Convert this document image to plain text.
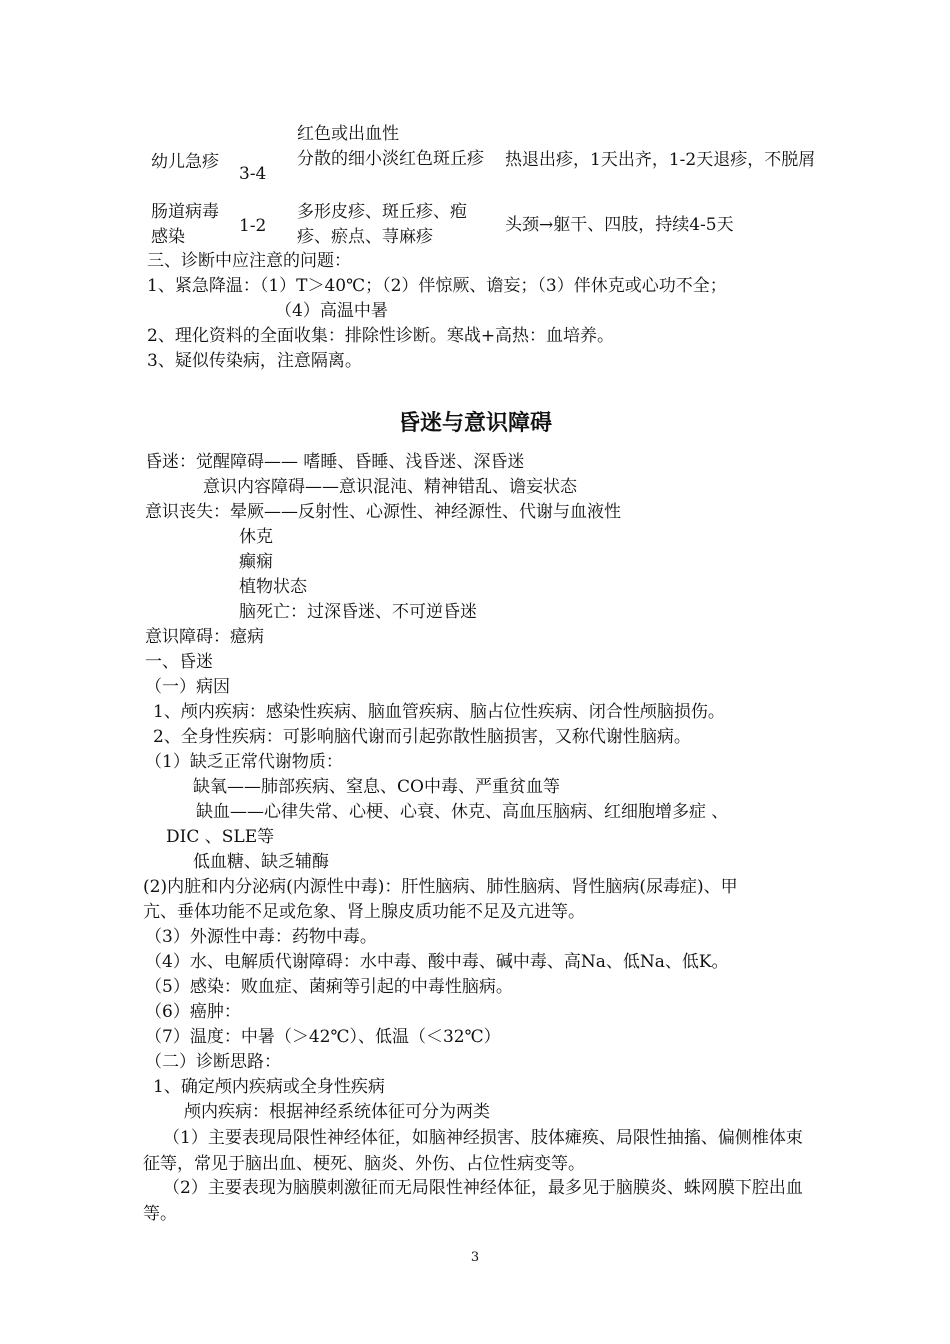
幼儿急疹
3-4
红色或出血性
分散的细小淡红色斑丘疹	热退出疹，1天出齐，1-2天退疹，不脱屑
肠道病毒感染
1-2
多形皮疹、斑丘疹、疱疹、瘀点、荨麻疹
头颈→躯干、四肢，持续4-5天
三、诊断中应注意的问题：
1、紧急降温：（1）T＞40℃；（2）伴惊厥、谵妄；（3）伴休克或心功不全；
（4）高温中暑
2、理化资料的全面收集：排除性诊断。寒战+高热：血培养。
3、疑似传染病，注意隔离。
昏迷与意识障碍
昏迷：觉醒障碍—— 嗜睡、昏睡、浅昏迷、深昏迷
意识内容障碍——意识混沌、精神错乱、谵妄状态
意识丧失：晕厥——反射性、心源性、神经源性、代谢与血液性
休克
癫痫
植物状态
脑死亡：过深昏迷、不可逆昏迷
意识障碍：癔病
一、昏迷
（一）病因
1、颅内疾病：感染性疾病、脑血管疾病、脑占位性疾病、闭合性颅脑损伤。
2、全身性疾病：可影响脑代谢而引起弥散性脑损害，又称代谢性脑病。
（1）缺乏正常代谢物质：
缺氧——肺部疾病、窒息、CO中毒、严重贫血等
缺血——心律失常、心梗、心衰、休克、高血压脑病、红细胞增多症 、
DIC 、SLE等
低血糖、缺乏辅酶
(2)内脏和内分泌病(内源性中毒)：肝性脑病、肺性脑病、肾性脑病(尿毒症)、甲
亢、垂体功能不足或危象、肾上腺皮质功能不足及亢进等。
（3）外源性中毒：药物中毒。
（4）水、电解质代谢障碍：水中毒、酸中毒、碱中毒、高Na、低Na、低K。
（5）感染：败血症、菌痢等引起的中毒性脑病。
（6）癌肿：
（7）温度：中暑（＞42℃）、低温（＜32℃）
（二）诊断思路：
1、确定颅内疾病或全身性疾病
颅内疾病：根据神经系统体征可分为两类
（1）主要表现局限性神经体征，如脑神经损害、肢体瘫痪、局限性抽搐、偏侧椎体束征等，常见于脑出血、梗死、脑炎、外伤、占位性病变等。
（2）主要表现为脑膜刺激征而无局限性神经体征，最多见于脑膜炎、蛛网膜下腔出血等。
3
